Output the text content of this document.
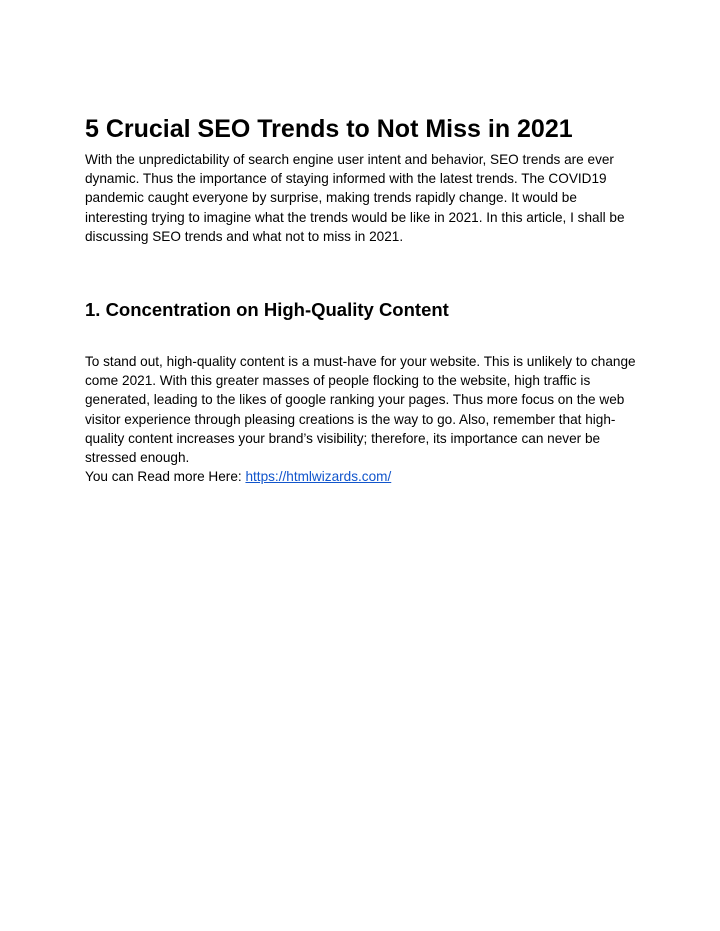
5 Crucial SEO Trends to Not Miss in 2021

With the unpredictability of search engine user intent and behavior, SEO trends are ever dynamic. Thus the importance of staying informed with the latest trends. The COVID19 pandemic caught everyone by surprise, making trends rapidly change. It would be interesting trying to imagine what the trends would be like in 2021. In this article, I shall be discussing SEO trends and what not to miss in 2021.

1. Concentration on High-Quality Content

To stand out, high-quality content is a must-have for your website. This is unlikely to change come 2021. With this greater masses of people flocking to the website, high traffic is generated, leading to the likes of google ranking your pages. Thus more focus on the web visitor experience through pleasing creations is the way to go. Also, remember that high-quality content increases your brand’s visibility; therefore, its importance can never be stressed enough.

You can Read more Here: https://htmlwizards.com/
